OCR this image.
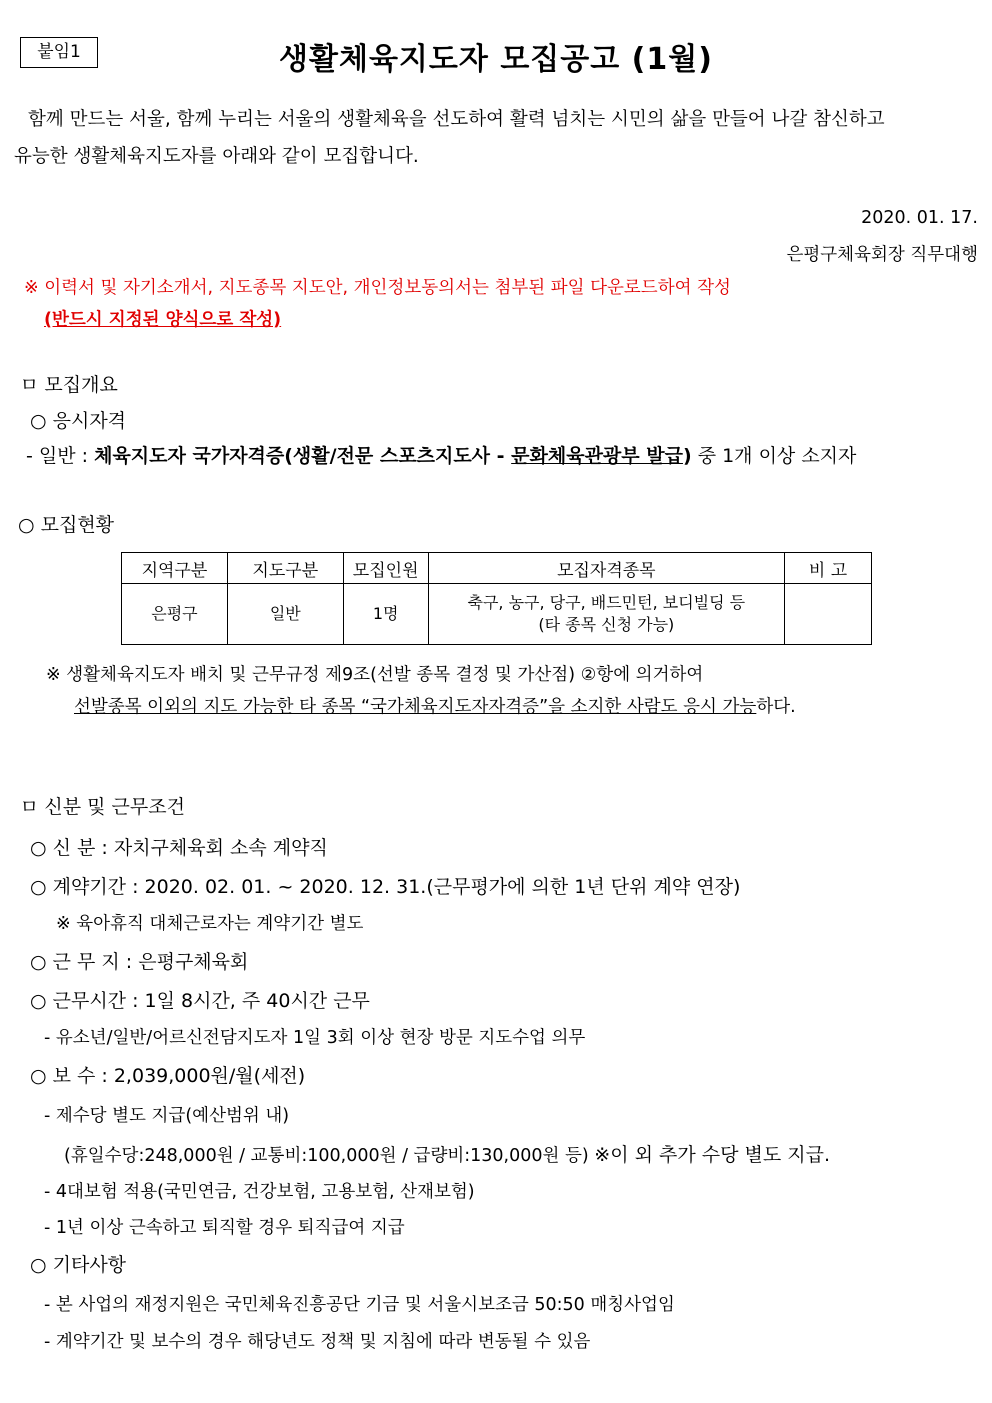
붙임1	생활체육지도자 모집공고 (1월)
함께 만드는 서울, 함께 누리는 서울의 생활체육을 선도하여 활력 넘치는 시민의 삶을 만들어 나갈 참신하고
유능한 생활체육지도자를 아래와 같이 모집합니다.
2020. 01. 17.
은평구체육회장 직무대행
※ 이력서 및 자기소개서, 지도종목 지도안, 개인정보동의서는 첨부된 파일 다운로드하여 작성
(반드시 지정된 양식으로 작성)
ㅁ 모집개요
○ 응시자격
- 일반 : 체육지도자 국가자격증(생활/전문 스포츠지도사 - 문화체육관광부 발급) 중 1개 이상 소지자
○ 모집현황
지역구분	지도구분	모집인원	모집자격종목	비 고
은평구	일반	1명	축구, 농구, 당구, 배드민턴, 보디빌딩 등
(타 종목 신청 가능)	

※ 생활체육지도자 배치 및 근무규정 제9조(선발 종목 결정 및 가산점) ②항에 의거하여
선발종목 이외의 지도 가능한 타 종목 “국가체육지도자자격증”을 소지한 사람도 응시 가능하다.
ㅁ 신분 및 근무조건
○ 신 분 : 자치구체육회 소속 계약직
○ 계약기간 : 2020. 02. 01. ~ 2020. 12. 31.(근무평가에 의한 1년 단위 계약 연장)
※ 육아휴직 대체근로자는 계약기간 별도
○ 근 무 지 : 은평구체육회
○ 근무시간 : 1일 8시간, 주 40시간 근무
- 유소년/일반/어르신전담지도자 1일 3회 이상 현장 방문 지도수업 의무
○ 보 수 : 2,039,000원/월(세전)
- 제수당 별도 지급(예산범위 내)
(휴일수당:248,000원 / 교통비:100,000원 / 급량비:130,000원 등) ※이 외 추가 수당 별도 지급.
- 4대보험 적용(국민연금, 건강보험, 고용보험, 산재보험)
- 1년 이상 근속하고 퇴직할 경우 퇴직급여 지급
○ 기타사항
- 본 사업의 재정지원은 국민체육진흥공단 기금 및 서울시보조금 50:50 매칭사업임
- 계약기간 및 보수의 경우 해당년도 정책 및 지침에 따라 변동될 수 있음
